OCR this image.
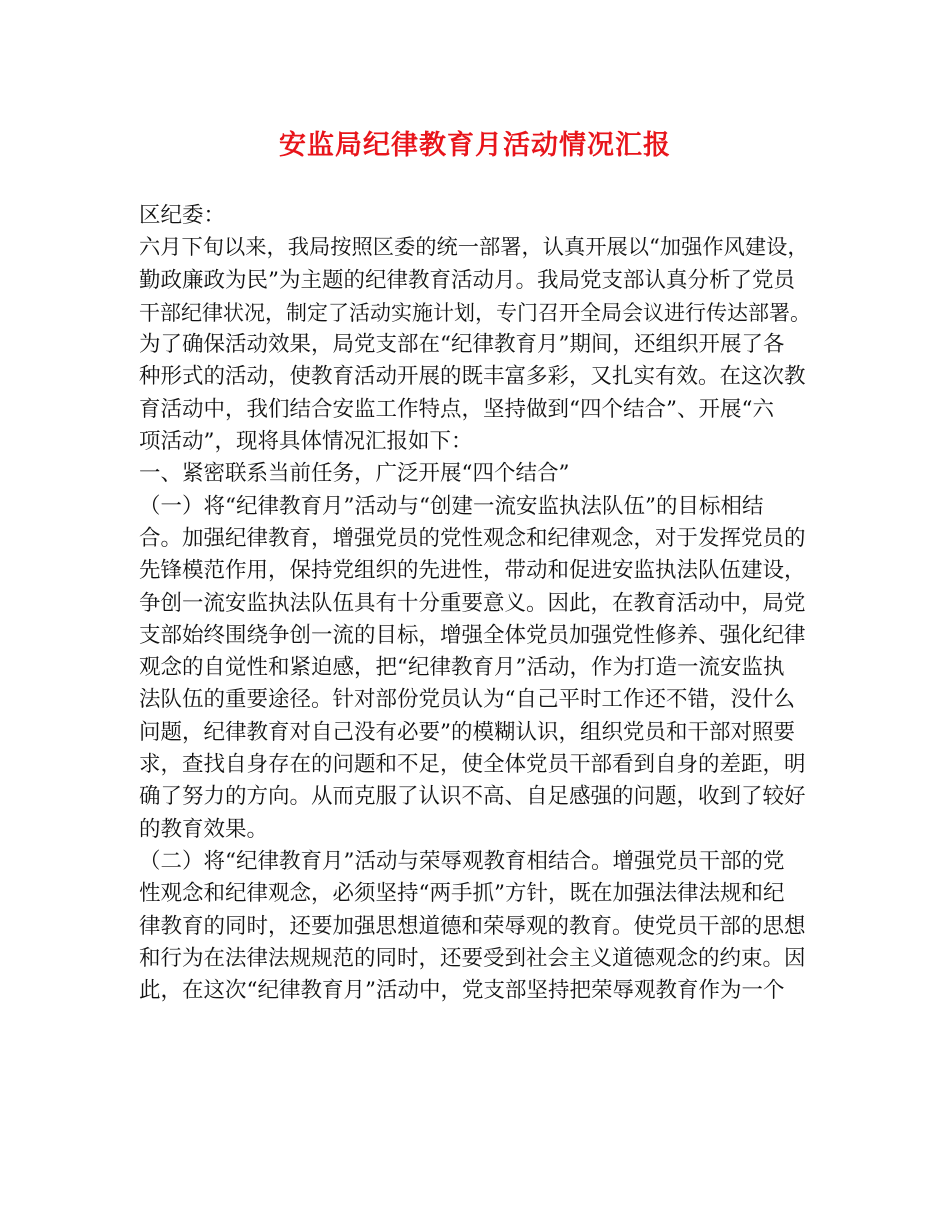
安监局纪律教育月活动情况汇报
区纪委：
六月下旬以来，我局按照区委的统一部署，认真开展以“加强作风建设，
勤政廉政为民”为主题的纪律教育活动月。我局党支部认真分析了党员
干部纪律状况，制定了活动实施计划，专门召开全局会议进行传达部署。
为了确保活动效果，局党支部在“纪律教育月”期间，还组织开展了各
种形式的活动，使教育活动开展的既丰富多彩，又扎实有效。在这次教
育活动中，我们结合安监工作特点，坚持做到“四个结合”、开展“六
项活动”，现将具体情况汇报如下：
一、紧密联系当前任务，广泛开展“四个结合”
（一）将“纪律教育月”活动与“创建一流安监执法队伍”的目标相结
合。加强纪律教育，增强党员的党性观念和纪律观念，对于发挥党员的
先锋模范作用，保持党组织的先进性，带动和促进安监执法队伍建设，
争创一流安监执法队伍具有十分重要意义。因此，在教育活动中，局党
支部始终围绕争创一流的目标，增强全体党员加强党性修养、强化纪律
观念的自觉性和紧迫感，把“纪律教育月”活动，作为打造一流安监执
法队伍的重要途径。针对部份党员认为“自己平时工作还不错，没什么
问题，纪律教育对自己没有必要”的模糊认识，组织党员和干部对照要
求，查找自身存在的问题和不足，使全体党员干部看到自身的差距，明
确了努力的方向。从而克服了认识不高、自足感强的问题，收到了较好
的教育效果。
（二）将“纪律教育月”活动与荣辱观教育相结合。增强党员干部的党
性观念和纪律观念，必须坚持“两手抓”方针，既在加强法律法规和纪
律教育的同时，还要加强思想道德和荣辱观的教育。使党员干部的思想
和行为在法律法规规范的同时，还要受到社会主义道德观念的约束。因
此，在这次“纪律教育月”活动中，党支部坚持把荣辱观教育作为一个
